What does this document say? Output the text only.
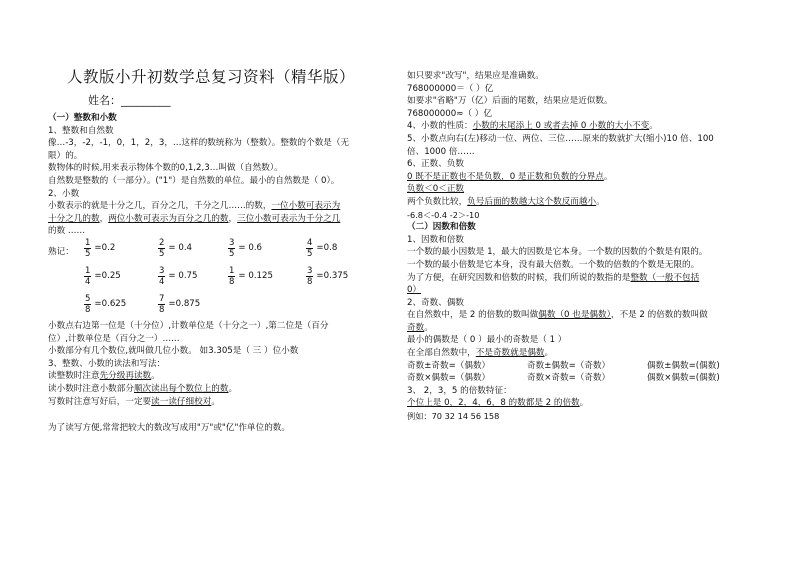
人教版小升初数学总复习资料（精华版）
姓名：_________
（一）整数和小数
1、整数和自然数
像…-3，-2，-1，0，1，2，3，…这样的数统称为（整数）。整数的个数是（无
限）的。
数物体的时候,用来表示物体个数的0,1,2,3…叫做（自然数）。
自然数是整数的（一部分）。("1"）是自然数的单位。最小的自然数是（ 0）。
2、小数
小数表示的就是十分之几，百分之几，千分之几……的数，一位小数可表示为
十分之几的数，两位小数可表示为百分之几的数，三位小数可表示为千分之几
的数 ……
熟记： $\frac{1}{5} =0.2$	$\frac{2}{5} = 0.4$	$\frac{3}{5} = 0.6$	$\frac{4}{5} =0.8$
$\frac{1}{4} =0.25$	$\frac{3}{4} = 0.75$	$\frac{1}{8} = 0.125$	$\frac{3}{8} =0.375$
$\frac{5}{8} =0.625$	$\frac{7}{8} =0.875$
小数点右边第一位是（十分位）,计数单位是（十分之一）,第二位是（百分
位）,计数单位是（百分之一）……
小数部分有几个数位,就叫做几位小数。 如3.305是（ 三 ）位小数
3、整数、小数的读法和写法：
读整数时注意先分级再读数。
读小数时注意小数部分顺次读出每个数位上的数。
写数时注意写好后，一定要读一读仔细校对。
为了读写方便,常常把较大的数改写成用"万"或"亿"作单位的数。
如只要求"改写"，结果应是准确数。
768000000＝（ ）亿
如要求"省略"万（亿）后面的尾数，结果应是近似数。
768000000≈（ ）亿
4、小数的性质：小数的末尾添上 0 或者去掉 0 小数的大小不变。
5、小数点向右(左)移动一位、两位、三位……原来的数就扩大(缩小)10 倍、100
倍、1000 倍……
6、正数、负数
0 既不是正数也不是负数，0 是正数和负数的分界点。
负数＜0＜正数
两个负数比较，负号后面的数越大这个数反而越小。
-6.8＜-0.4 -2＞-10
（二）因数和倍数
1、因数和倍数
一个数的最小因数是 1，最大的因数是它本身。一个数的因数的个数是有限的。
一个数的最小倍数是它本身，没有最大倍数。一个数的倍数的个数是无限的。
为了方便，在研究因数和倍数的时候，我们所说的数指的是整数（一般不包括
0）
2、奇数、偶数
在自然数中，是 2 的倍数的数叫做偶数（0 也是偶数），不是 2 的倍数的数叫做
奇数。
最小的偶数是（ 0 ）最小的奇数是（ 1 ）
在全部自然数中，不是奇数就是偶数。
奇数±奇数=（偶数）	奇数±偶数=（奇数）	偶数±偶数=(偶数)
奇数×偶数=（偶数）	奇数×奇数=（奇数）	偶数×偶数=(偶数)
3、 2，3，5 的倍数特征：
个位上是 0，2，4，6，8 的数都是 2 的倍数。
例如：70 32 14 56 158
